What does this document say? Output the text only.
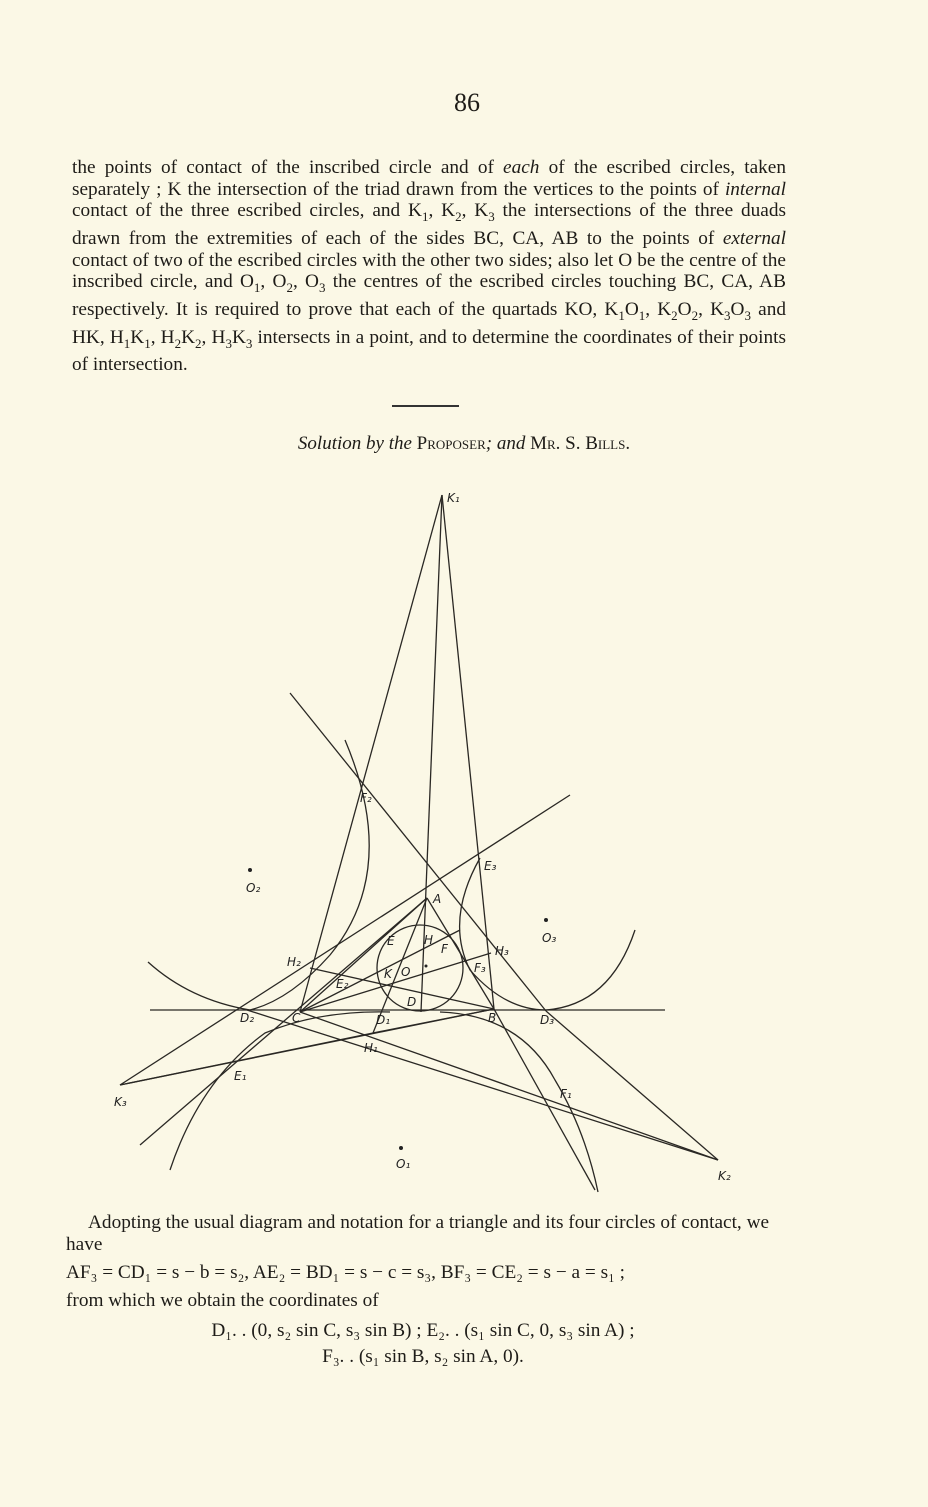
86

the points of contact of the inscribed circle and of each of the escribed circles, taken separately ; K the intersection of the triad drawn from the vertices to the points of internal contact of the three escribed circles, and $K_1$, $K_2$, $K_3$ the intersections of the three duads drawn from the extremities of each of the sides BC, CA, AB to the points of external contact of two of the escribed circles with the other two sides; also let O be the centre of the inscribed circle, and $O_1$, $O_2$, $O_3$ the centres of the escribed circles touching BC, CA, AB respectively. It is required to prove that each of the quartads KO, $K_1O_1$, $K_2O_2$, $K_3O_3$ and HK, $H_1K_1$, $H_2K_2$, $H_3K_3$ intersects in a point, and to determine the coordinates of their points of intersection.

Solution by the Proposer; and Mr. S. Bills.
K₁
F₂
E₃
O₂
A
O₃
E H
F	H₃
H₂	F₃
K O
E₂
D
D₂	C	D₁	B	D₃
H₁
E₁
K₃
F₁
O₁
K₂

Adopting the usual diagram and notation for a triangle and its four circles of contact, we have

AF₃ = CD₁ = s − b = s₂, AE₂ = BD₁ = s − c = s₃, BF₃ = CE₂ = s − a = s₁ ;

from which we obtain the coordinates of

D₁. . (0, s₂ sin C, s₃ sin B) ; E₂. . (s₁ sin C, 0, s₃ sin A) ;

F₃. . (s₁ sin B, s₂ sin A, 0).
